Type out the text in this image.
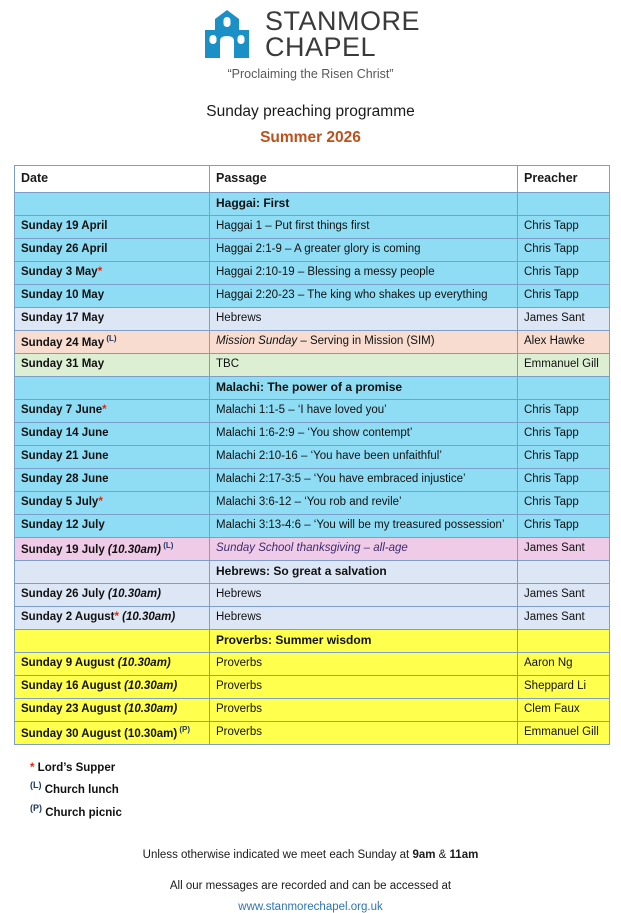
STANMORE
CHAPEL
“Proclaiming the Risen Christ”
Sunday preaching programme
Summer 2026
Date	Passage	Preacher
	Haggai: First	
Sunday 19 April	Haggai 1 – Put first things first	Chris Tapp
Sunday 26 April	Haggai 2:1-9 – A greater glory is coming	Chris Tapp
Sunday 3 May*	Haggai 2:10-19 – Blessing a messy people	Chris Tapp
Sunday 10 May	Haggai 2:20-23 – The king who shakes up everything	Chris Tapp
Sunday 17 May	Hebrews	James Sant
Sunday 24 May $^{(L)}$	Mission Sunday – Serving in Mission (SIM)	Alex Hawke
Sunday 31 May	TBC	Emmanuel Gill
	Malachi: The power of a promise	
Sunday 7 June*	Malachi 1:1-5 – ‘I have loved you’	Chris Tapp
Sunday 14 June	Malachi 1:6-2:9 – ‘You show contempt’	Chris Tapp
Sunday 21 June	Malachi 2:10-16 – ‘You have been unfaithful’	Chris Tapp
Sunday 28 June	Malachi 2:17-3:5 – ‘You have embraced injustice’	Chris Tapp
Sunday 5 July*	Malachi 3:6-12 – ‘You rob and revile’	Chris Tapp
Sunday 12 July	Malachi 3:13-4:6 – ‘You will be my treasured possession’	Chris Tapp
Sunday 19 July (10.30am) $^{(L)}$	Sunday School thanksgiving – all-age	James Sant
	Hebrews: So great a salvation	
Sunday 26 July (10.30am)	Hebrews	James Sant
Sunday 2 August* (10.30am)	Hebrews	James Sant
	Proverbs: Summer wisdom	
Sunday 9 August (10.30am)	Proverbs	Aaron Ng
Sunday 16 August (10.30am)	Proverbs	Sheppard Li
Sunday 23 August (10.30am)	Proverbs	Clem Faux
Sunday 30 August (10.30am) $^{(P)}$	Proverbs	Emmanuel Gill
* Lord’s Supper
$^{(L)}$ Church lunch
$^{(P)}$ Church picnic
Unless otherwise indicated we meet each Sunday at 9am & 11am
All our messages are recorded and can be accessed at
www.stanmorechapel.org.uk
